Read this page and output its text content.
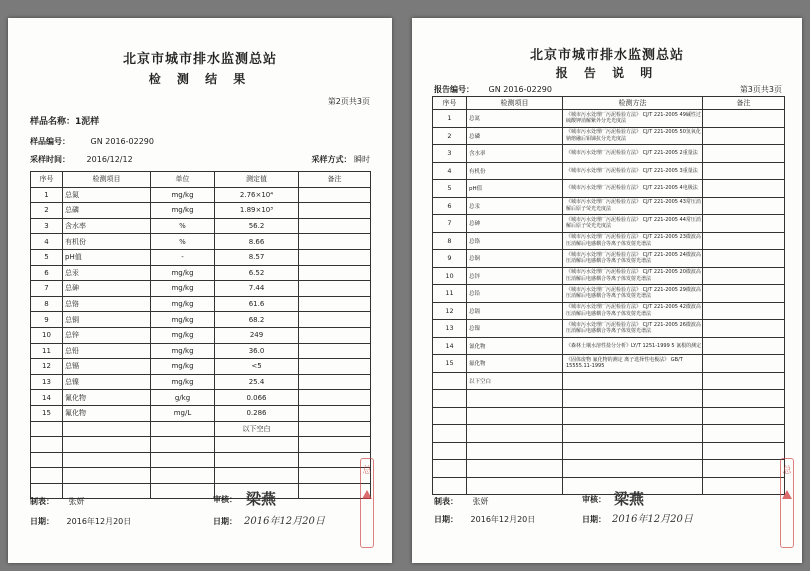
北京市城市排水监测总站
检 测 结 果
第2页共3页
样品名称：1泥样
样品编号：	GN 2016-02290
采样时间： 2016/12/12	采样方式： 瞬时
序号	检测项目	单位	测定值	备注
1	总氮	mg/kg	2.76×10⁴	
2	总磷	mg/kg	1.89×10³	
3	含水率	%	56.2	
4	有机份	%	8.66	
5	pH值	-	8.57	
6	总汞	mg/kg	6.52	
7	总砷	mg/kg	7.44	
8	总铬	mg/kg	61.6	
9	总铜	mg/kg	68.2	
10	总锌	mg/kg	249	
11	总铅	mg/kg	36.0	
12	总镉	mg/kg	<5	
13	总镍	mg/kg	25.4	
14	氰化物	g/kg	0.066	
15	氟化物	mg/L	0.286	
			以下空白	

制表： 张妍	审核： 梁燕
日期： 2016年12月20日	日期： 2016年12月20日
总
北京市城市排水监测总站
报 告 说 明
报告编号： GN 2016-02290	第3页共3页
序号	检测项目	检测方法	备注
1	总氮	《城市污水处理厂污泥检验方法》 CJ/T 221-2005 49碱性过硫酸钾消解紫外分光光度法	
2	总磷	《城市污水处理厂污泥检验方法》 CJ/T 221-2005 50氢氧化钠熔融后钼锑抗分光光度法	
3	含水率	《城市污水处理厂污泥检验方法》 CJ/T 221-2005 2重量法	
4	有机份	《城市污水处理厂污泥检验方法》 CJ/T 221-2005 3重量法	
5	pH值	《城市污水处理厂污泥检验方法》 CJ/T 221-2005 4电极法	
6	总汞	《城市污水处理厂污泥检验方法》 CJ/T 221-2005 43常压消解后原子荧光光度法	
7	总砷	《城市污水处理厂污泥检验方法》 CJ/T 221-2005 44常压消解后原子荧光光度法	
8	总铬	《城市污水处理厂污泥检验方法》 CJ/T 221-2005 23微波高压消解后电感耦合等离子体发射光谱法	
9	总铜	《城市污水处理厂污泥检验方法》 CJ/T 221-2005 24微波高压消解后电感耦合等离子体发射光谱法	
10	总锌	《城市污水处理厂污泥检验方法》 CJ/T 221-2005 20微波高压消解后电感耦合等离子体发射光谱法	
11	总铅	《城市污水处理厂污泥检验方法》 CJ/T 221-2005 29微波高压消解后电感耦合等离子体发射光谱法	
12	总镉	《城市污水处理厂污泥检验方法》 CJ/T 221-2005 42微波高压消解后电感耦合等离子体发射光谱法	
13	总镍	《城市污水处理厂污泥检验方法》 CJ/T 221-2005 26微波高压消解后电感耦合等离子体发射光谱法	
14	氰化物	《森林土壤水溶性盐分分析》LY/T 1251-1999 5 氰根的测定	
15	氟化物	《固体废物 氟化物的测定 离子选择性电极法》 GB/T 15555.11-1995	
	以下空白		

制表： 张妍	审核： 梁燕
日期： 2016年12月20日	日期： 2016年12月20日
总
